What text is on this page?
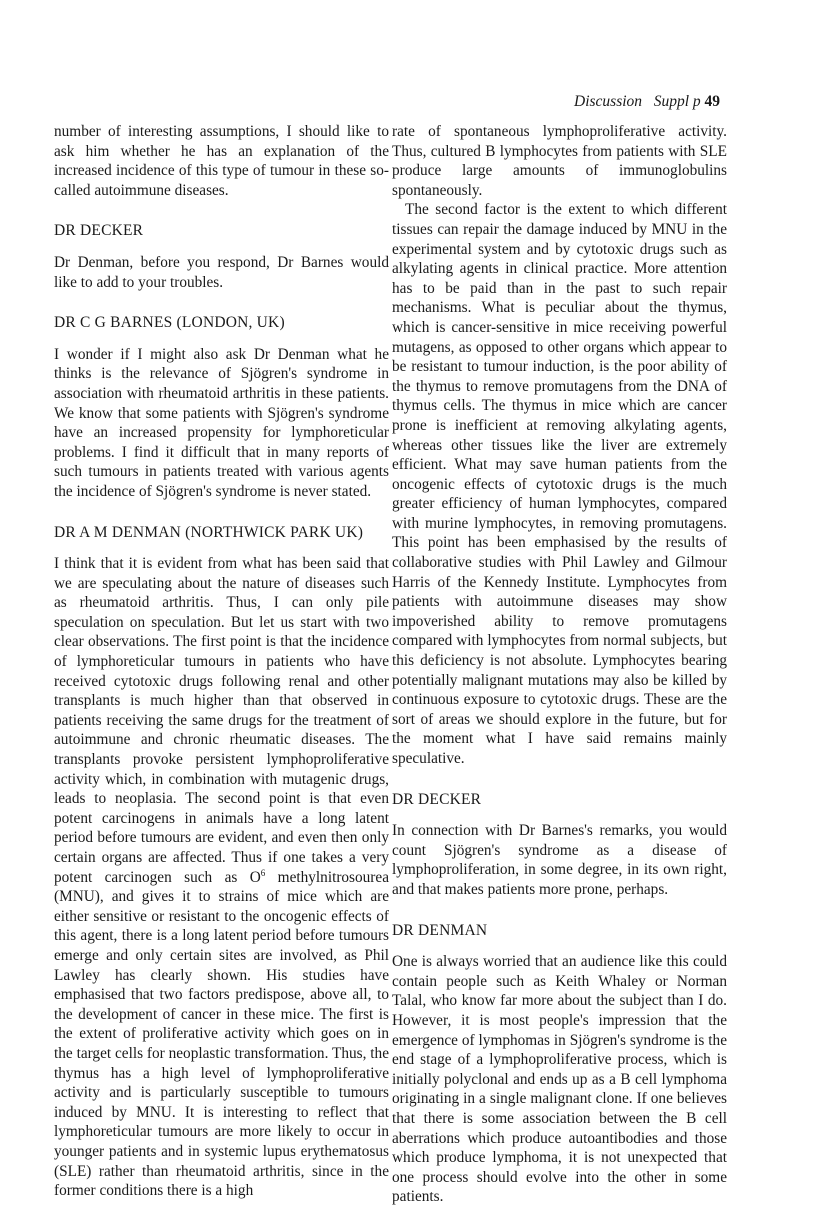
Discussion Suppl p 49

number of interesting assumptions, I should like to ask him whether he has an explanation of the increased incidence of this type of tumour in these so-called autoimmune diseases.

DR DECKER

Dr Denman, before you respond, Dr Barnes would like to add to your troubles.

DR C G BARNES (LONDON, UK)

I wonder if I might also ask Dr Denman what he thinks is the relevance of Sjögren's syndrome in association with rheumatoid arthritis in these patients. We know that some patients with Sjögren's syndrome have an increased propensity for lymphoreticular problems. I find it difficult that in many reports of such tumours in patients treated with various agents the incidence of Sjögren's syndrome is never stated.

DR A M DENMAN (NORTHWICK PARK UK)

I think that it is evident from what has been said that we are speculating about the nature of diseases such as rheumatoid arthritis. Thus, I can only pile speculation on speculation. But let us start with two clear observations. The first point is that the incidence of lymphoreticular tumours in patients who have received cytotoxic drugs following renal and other transplants is much higher than that observed in patients receiving the same drugs for the treatment of autoimmune and chronic rheumatic diseases. The transplants provoke persistent lymphoproliferative activity which, in combination with mutagenic drugs, leads to neoplasia. The second point is that even potent carcinogens in animals have a long latent period before tumours are evident, and even then only certain organs are affected. Thus if one takes a very potent carcinogen such as $O^6$ methylnitrosourea (MNU), and gives it to strains of mice which are either sensitive or resistant to the oncogenic effects of this agent, there is a long latent period before tumours emerge and only certain sites are involved, as Phil Lawley has clearly shown. His studies have emphasised that two factors predispose, above all, to the development of cancer in these mice. The first is the extent of proliferative activity which goes on in the target cells for neoplastic transformation. Thus, the thymus has a high level of lymphoproliferative activity and is particularly susceptible to tumours induced by MNU. It is interesting to reflect that lymphoreticular tumours are more likely to occur in younger patients and in systemic lupus erythematosus (SLE) rather than rheumatoid arthritis, since in the former conditions there is a high

rate of spontaneous lymphoproliferative activity. Thus, cultured B lymphocytes from patients with SLE produce large amounts of immunoglobulins spontaneously.

The second factor is the extent to which different tissues can repair the damage induced by MNU in the experimental system and by cytotoxic drugs such as alkylating agents in clinical practice. More attention has to be paid than in the past to such repair mechanisms. What is peculiar about the thymus, which is cancer-sensitive in mice receiving powerful mutagens, as opposed to other organs which appear to be resistant to tumour induction, is the poor ability of the thymus to remove promutagens from the DNA of thymus cells. The thymus in mice which are cancer prone is inefficient at removing alkylating agents, whereas other tissues like the liver are extremely efficient. What may save human patients from the oncogenic effects of cytotoxic drugs is the much greater efficiency of human lymphocytes, compared with murine lymphocytes, in removing promutagens. This point has been emphasised by the results of collaborative studies with Phil Lawley and Gilmour Harris of the Kennedy Institute. Lymphocytes from patients with autoimmune diseases may show impoverished ability to remove promutagens compared with lymphocytes from normal subjects, but this deficiency is not absolute. Lymphocytes bearing potentially malignant mutations may also be killed by continuous exposure to cytotoxic drugs. These are the sort of areas we should explore in the future, but for the moment what I have said remains mainly speculative.

DR DECKER

In connection with Dr Barnes's remarks, you would count Sjögren's syndrome as a disease of lymphoproliferation, in some degree, in its own right, and that makes patients more prone, perhaps.

DR DENMAN

One is always worried that an audience like this could contain people such as Keith Whaley or Norman Talal, who know far more about the subject than I do. However, it is most people's impression that the emergence of lymphomas in Sjögren's syndrome is the end stage of a lymphoproliferative process, which is initially polyclonal and ends up as a B cell lymphoma originating in a single malignant clone. If one believes that there is some association between the B cell aberrations which produce autoantibodies and those which produce lymphoma, it is not unexpected that one process should evolve into the other in some patients.
